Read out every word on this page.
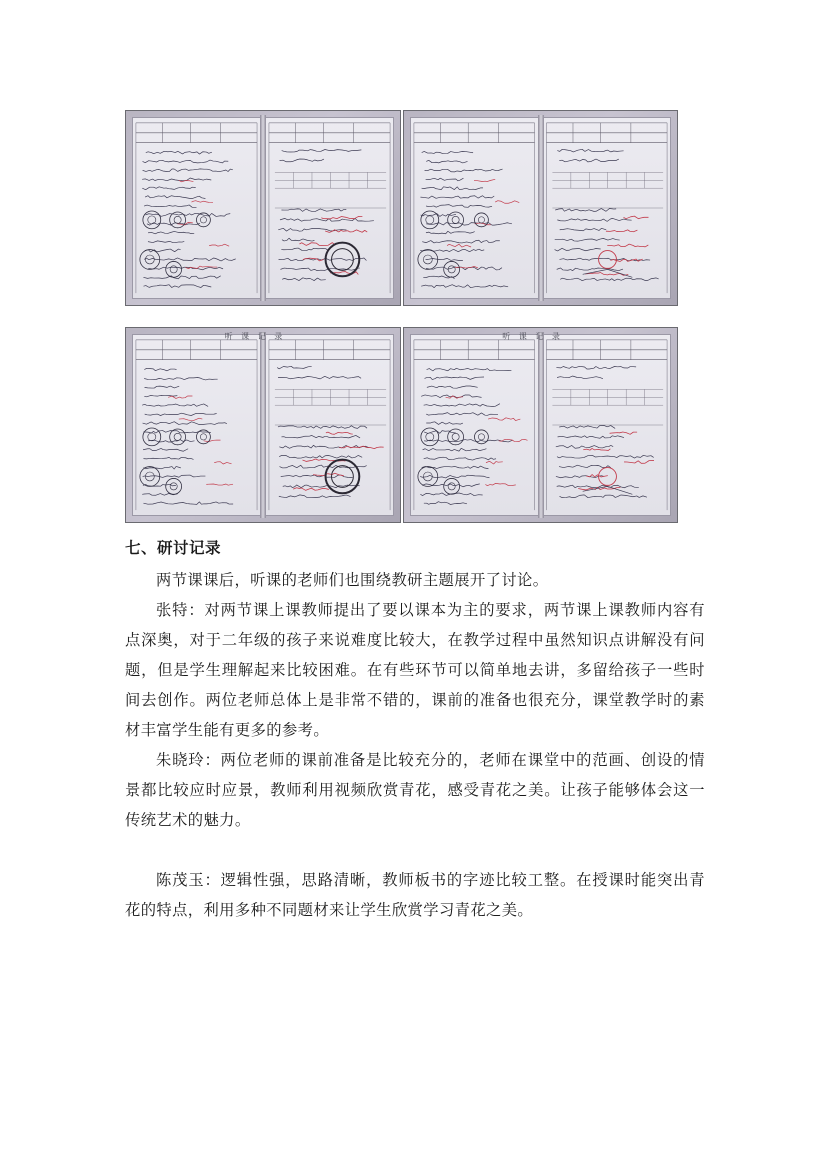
听 课 记 录	听 课 记 录
七、研讨记录

两节课课后，听课的老师们也围绕教研主题展开了讨论。

张特：对两节课上课教师提出了要以课本为主的要求，两节课上课教师内容有点深奥，对于二年级的孩子来说难度比较大，在教学过程中虽然知识点讲解没有问题，但是学生理解起来比较困难。在有些环节可以简单地去讲，多留给孩子一些时间去创作。两位老师总体上是非常不错的，课前的准备也很充分，课堂教学时的素材丰富学生能有更多的参考。

朱晓玲：两位老师的课前准备是比较充分的，老师在课堂中的范画、创设的情景都比较应时应景，教师利用视频欣赏青花，感受青花之美。让孩子能够体会这一传统艺术的魅力。

陈茂玉：逻辑性强，思路清晰，教师板书的字迹比较工整。在授课时能突出青花的特点，利用多种不同题材来让学生欣赏学习青花之美。
